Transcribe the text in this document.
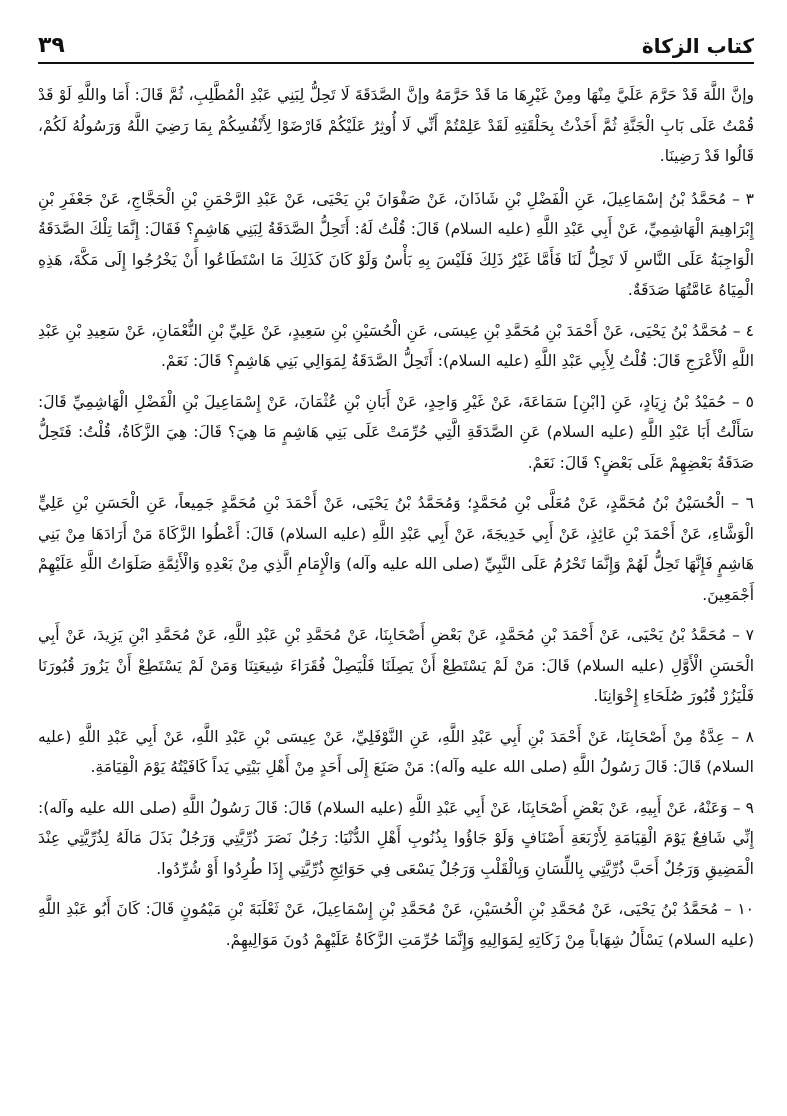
كتاب الزكاة
٣٩

وإنَّ اللَّهَ قَدْ حَرَّمَ عَلَيَّ مِنْهَا ومِنْ غَيْرِهَا مَا قَدْ حَرَّمَهُ وإنَّ الصَّدَقَةَ لَا تَحِلُّ لِبَنِي عَبْدِ الْمُطَّلِبِ، ثُمَّ قَالَ: أَمَا واللَّهِ لَوْ قَدْ قُمْتُ عَلَى بَابِ الْجَنَّةِ ثُمَّ أَخَذْتُ بِحَلْقَتِهِ لَقَدْ عَلِمْتُمْ أَنِّي لَا أُوثِرُ عَلَيْكُمْ فَارْضَوْا لِأَنْفُسِكُمْ بِمَا رَضِيَ اللَّهُ وَرَسُولُهُ لَكُمْ، قَالُوا قَدْ رَضِينَا.

٣ – مُحَمَّدُ بْنُ إسْمَاعِيلَ، عَنِ الْفَضْلِ بْنِ شَاذَانَ، عَنْ صَفْوَانَ بْنِ يَحْيَى، عَنْ عَبْدِ الرَّحْمَنِ بْنِ الْحَجَّاجِ، عَنْ جَعْفَرِ بْنِ إِبْرَاهِيمَ الْهَاشِمِيِّ، عَنْ أَبِي عَبْدِ اللَّهِ (عليه السلام) قَالَ: قُلْتُ لَهُ: أَتَحِلُّ الصَّدَقَةُ لِبَنِي هَاشِمٍ؟ فَقَالَ: إِنَّمَا تِلْكَ الصَّدَقَةُ الْوَاجِبَةُ عَلَى النَّاسِ لَا تَحِلُّ لَنَا فَأَمَّا غَيْرُ ذَلِكَ فَلَيْسَ بِهِ بَأْسٌ وَلَوْ كَانَ كَذَلِكَ مَا اسْتَطَاعُوا أَنْ يَخْرُجُوا إِلَى مَكَّةَ، هَذِهِ الْمِيَاهُ عَامَّتُهَا صَدَقَةٌ.

٤ – مُحَمَّدُ بْنُ يَحْيَى، عَنْ أَحْمَدَ بْنِ مُحَمَّدِ بْنِ عِيسَى، عَنِ الْحُسَيْنِ بْنِ سَعِيدٍ، عَنْ عَلِيِّ بْنِ النُّعْمَانِ، عَنْ سَعِيدِ بْنِ عَبْدِ اللَّهِ الْأَعْرَجِ قَالَ: قُلْتُ لِأَبِي عَبْدِ اللَّهِ (عليه السلام): أَتَحِلُّ الصَّدَقَةُ لِمَوَالِي بَنِي هَاشِمٍ؟ قَالَ: نَعَمْ.

٥ – حُمَيْدُ بْنُ زِيَادٍ، عَنِ [ابْنِ] سَمَاعَةَ، عَنْ غَيْرِ وَاحِدٍ، عَنْ أَبَانِ بْنِ عُثْمَانَ، عَنْ إِسْمَاعِيلَ بْنِ الْفَضْلِ الْهَاشِمِيِّ قَالَ: سَأَلْتُ أَبَا عَبْدِ اللَّهِ (عليه السلام) عَنِ الصَّدَقَةِ الَّتِي حُرِّمَتْ عَلَى بَنِي هَاشِمٍ مَا هِيَ؟ قَالَ: هِيَ الزَّكَاةُ، قُلْتُ: فَتَحِلُّ صَدَقَةُ بَعْضِهِمْ عَلَى بَعْضٍ؟ قَالَ: نَعَمْ.

٦ – الْحُسَيْنُ بْنُ مُحَمَّدٍ، عَنْ مُعَلَّى بْنِ مُحَمَّدٍ؛ وَمُحَمَّدُ بْنُ يَحْيَى، عَنْ أَحْمَدَ بْنِ مُحَمَّدٍ جَمِيعاً، عَنِ الْحَسَنِ بْنِ عَلِيٍّ الْوَشَّاءِ، عَنْ أَحْمَدَ بْنِ عَائِذٍ، عَنْ أَبِي خَدِيجَةَ، عَنْ أَبِي عَبْدِ اللَّهِ (عليه السلام) قَالَ: أَعْطُوا الزَّكَاةَ مَنْ أَرَادَهَا مِنْ بَنِي هَاشِمٍ فَإِنَّهَا تَحِلُّ لَهُمْ وَإِنَّمَا تَحْرُمُ عَلَى النَّبِيِّ (صلى الله عليه وآله) وَالْإِمَامِ الَّذِي مِنْ بَعْدِهِ وَالْأَئِمَّةِ صَلَوَاتُ اللَّهِ عَلَيْهِمْ أَجْمَعِينَ.

٧ – مُحَمَّدُ بْنُ يَحْيَى، عَنْ أَحْمَدَ بْنِ مُحَمَّدٍ، عَنْ بَعْضِ أَصْحَابِنَا، عَنْ مُحَمَّدِ بْنِ عَبْدِ اللَّهِ، عَنْ مُحَمَّدِ ابْنِ يَزِيدَ، عَنْ أَبِي الْحَسَنِ الْأَوَّلِ (عليه السلام) قَالَ: مَنْ لَمْ يَسْتَطِعْ أَنْ يَصِلَنَا فَلْيَصِلْ فُقَرَاءَ شِيعَتِنَا وَمَنْ لَمْ يَسْتَطِعْ أَنْ يَزُورَ قُبُورَنَا فَلْيَزُرْ قُبُورَ صُلَحَاءِ إِخْوَانِنَا.

٨ – عِدَّةٌ مِنْ أَصْحَابِنَا، عَنْ أَحْمَدَ بْنِ أَبِي عَبْدِ اللَّهِ، عَنِ النَّوْفَلِيِّ، عَنْ عِيسَى بْنِ عَبْدِ اللَّهِ، عَنْ أَبِي عَبْدِ اللَّهِ (عليه السلام) قَالَ: قَالَ رَسُولُ اللَّهِ (صلى الله عليه وآله): مَنْ صَنَعَ إِلَى أَحَدٍ مِنْ أَهْلِ بَيْتِي يَداً كَافَيْتُهُ يَوْمَ الْقِيَامَةِ.

٩ – وَعَنْهُ، عَنْ أَبِيهِ، عَنْ بَعْضِ أَصْحَابِنَا، عَنْ أَبِي عَبْدِ اللَّهِ (عليه السلام) قَالَ: قَالَ رَسُولُ اللَّهِ (صلى الله عليه وآله): إِنِّي شَافِعٌ يَوْمَ الْقِيَامَةِ لِأَرْبَعَةِ أَصْنَافٍ وَلَوْ جَاؤُوا بِذُنُوبِ أَهْلِ الدُّنْيَا: رَجُلٌ نَصَرَ ذُرِّيَّتِي وَرَجُلٌ بَذَلَ مَالَهُ لِذُرِّيَّتِي عِنْدَ الْمَضِيقِ وَرَجُلٌ أَحَبَّ ذُرِّيَّتِي بِاللِّسَانِ وَبِالْقَلْبِ وَرَجُلٌ يَسْعَى فِي حَوَائِجِ ذُرِّيَّتِي إِذَا طُرِدُوا أَوْ شُرِّدُوا.

١٠ – مُحَمَّدُ بْنُ يَحْيَى، عَنْ مُحَمَّدِ بْنِ الْحُسَيْنِ، عَنْ مُحَمَّدِ بْنِ إِسْمَاعِيلَ، عَنْ ثَعْلَبَةَ بْنِ مَيْمُونٍ قَالَ: كَانَ أَبُو عَبْدِ اللَّهِ (عليه السلام) يَسْأَلُ شِهَاباً مِنْ زَكَاتِهِ لِمَوَالِيهِ وَإِنَّمَا حُرِّمَتِ الزَّكَاةُ عَلَيْهِمْ دُونَ مَوَالِيهِمْ.
